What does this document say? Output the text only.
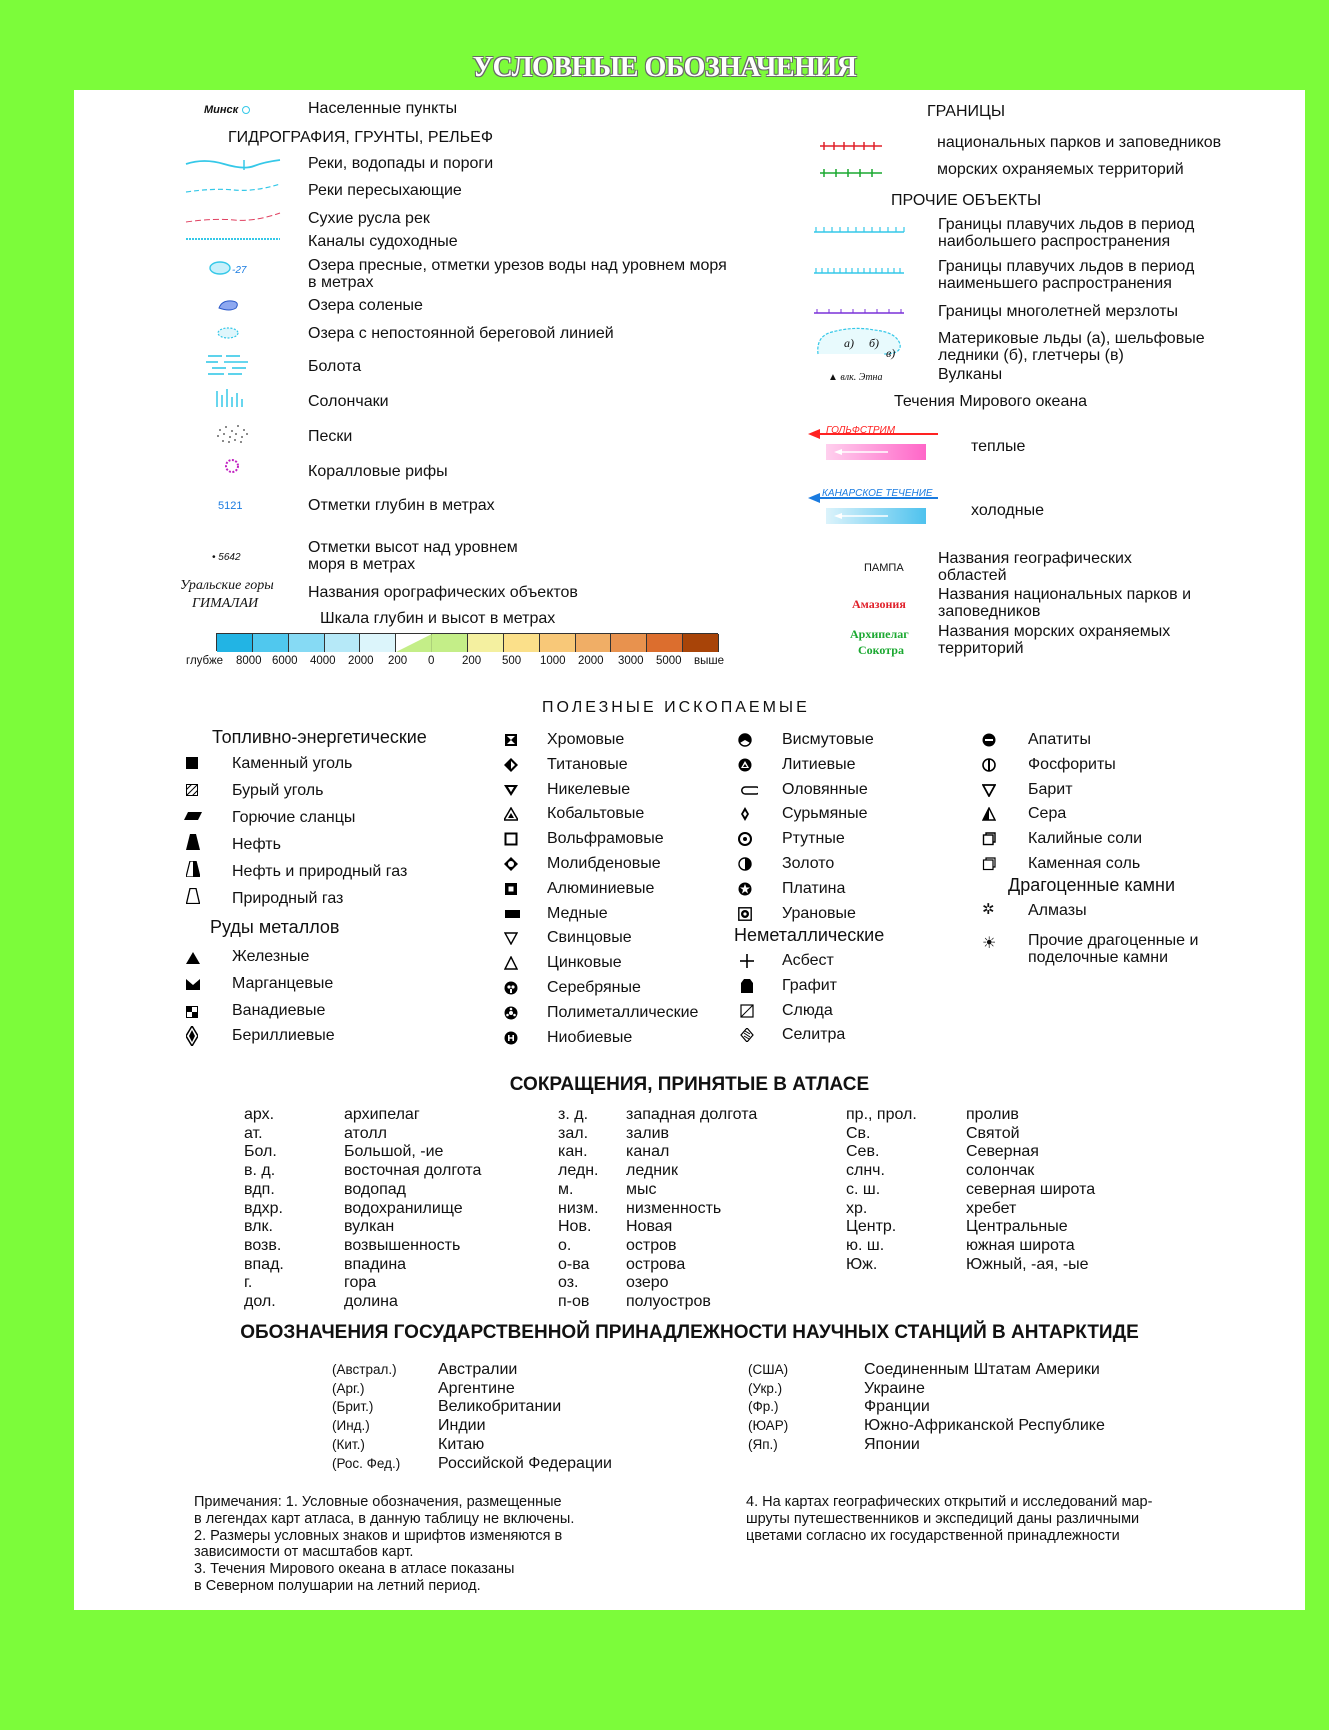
УСЛОВНЫЕ ОБОЗНАЧЕНИЯ
Минск	Населенные пункты
ГИДРОГРАФИЯ, ГРУНТЫ, РЕЛЬЕФ
Реки, водопады и пороги
Реки пересыхающие
Сухие русла рек
Каналы судоходные
-27	Озера пресные, отметки урезов воды над уровнем моря в метрах
Озера соленые
Озера с непостоянной береговой линией
Болота
Солончаки
Пески
Коралловые рифы
5121	Отметки глубин в метрах
• 5642
Отметки высот над уровнем моря в метрах
Уральские горы
ГИМАЛАИ
Названия орографических объектов
Шкала глубин и высот в метрах
глубже 8000 6000 4000 2000 200 0 200 500 1000 2000 3000 5000 выше
ГРАНИЦЫ
национальных парков и заповедников
морских охраняемых территорий
ПРОЧИЕ ОБЪЕКТЫ
Границы плавучих льдов в период наибольшего распространения
Границы плавучих льдов в период наименьшего распространения
Границы многолетней мерзлоты
а) б)
в)
Материковые льды (а), шельфовые ледники (б), глетчеры (в)
▲ влк. Этна	Вулканы
Течения Мирового океана
ГОЛЬФСТРИМ
теплые
КАНАРСКОЕ ТЕЧЕНИЕ
холодные
ПАМПА
Названия географических областей
Амазония
Названия национальных парков и заповедников
Архипелаг
Сокотра
Названия морских охраняемых территорий
ПОЛЕЗНЫЕ ИСКОПАЕМЫЕ
Топливно-энергетические
Каменный уголь
Бурый уголь
Горючие сланцы
Нефть
Нефть и природный газ
Природный газ
Руды металлов
Железные
Марганцевые
Ванадиевые
Бериллиевые
Хромовые
Титановые
Никелевые
Кобальтовые
Вольфрамовые
Молибденовые
Алюминиевые
Медные
Свинцовые
Цинковые
Серебряные
Полиметаллические
Ниобиевые
Висмутовые
Литиевые
Оловянные
Сурьмяные
Ртутные
Золото
Платина
Урановые
Неметаллические
Асбест
Графит
Слюда
Селитра
Апатиты
Фосфориты
Барит
Сера
Калийные соли
Каменная соль
Драгоценные камни
✲ Алмазы
☀ Прочие драгоценные и поделочные камни
СОКРАЩЕНИЯ, ПРИНЯТЫЕ В АТЛАСЕ
арх.	архипелаг
ат.	атолл
Бол.	Большой, -ие
в. д.	восточная долгота
вдп.	водопад
вдхр.	водохранилище
влк.	вулкан
возв.	возвышенность
впад.	впадина
г.	гора
дол.	долина
з. д. западная долгота
зал. залив
кан. канал
ледн. ледник
м.	мыс
низм. низменность
Нов. Новая
о.	остров
о-ва острова
оз.	озеро
п-ов полуостров
пр., прол.	пролив
Св.	Святой
Сев.	Северная
слнч.	солончак
с. ш.	северная широта
хр.	хребет
Центр.	Центральные
ю. ш.	южная широта
Юж.	Южный, -ая, -ые
ОБОЗНАЧЕНИЯ ГОСУДАРСТВЕННОЙ ПРИНАДЛЕЖНОСТИ НАУЧНЫХ СТАНЦИЙ В АНТАРКТИДЕ
(Австрал.)	Австралии
(Арг.)	Аргентине
(Брит.)	Великобритании
(Инд.)	Индии
(Кит.)	Китаю
(Рос. Фед.) Российской Федерации
(США)	Соединенным Штатам Америки
(Укр.)	Украине
(Фр.)	Франции
(ЮАР)	Южно-Африканской Республике
(Яп.)	Японии
Примечания: 1. Условные обозначения, размещенные
в легендах карт атласа, в данную таблицу не включены.
2. Размеры условных знаков и шрифтов изменяются в
зависимости от масштабов карт.
3. Течения Мирового океана в атласе показаны
в Северном полушарии на летний период.
4. На картах географических открытий и исследований мар-
шруты путешественников и экспедиций даны различными
цветами согласно их государственной принадлежности
